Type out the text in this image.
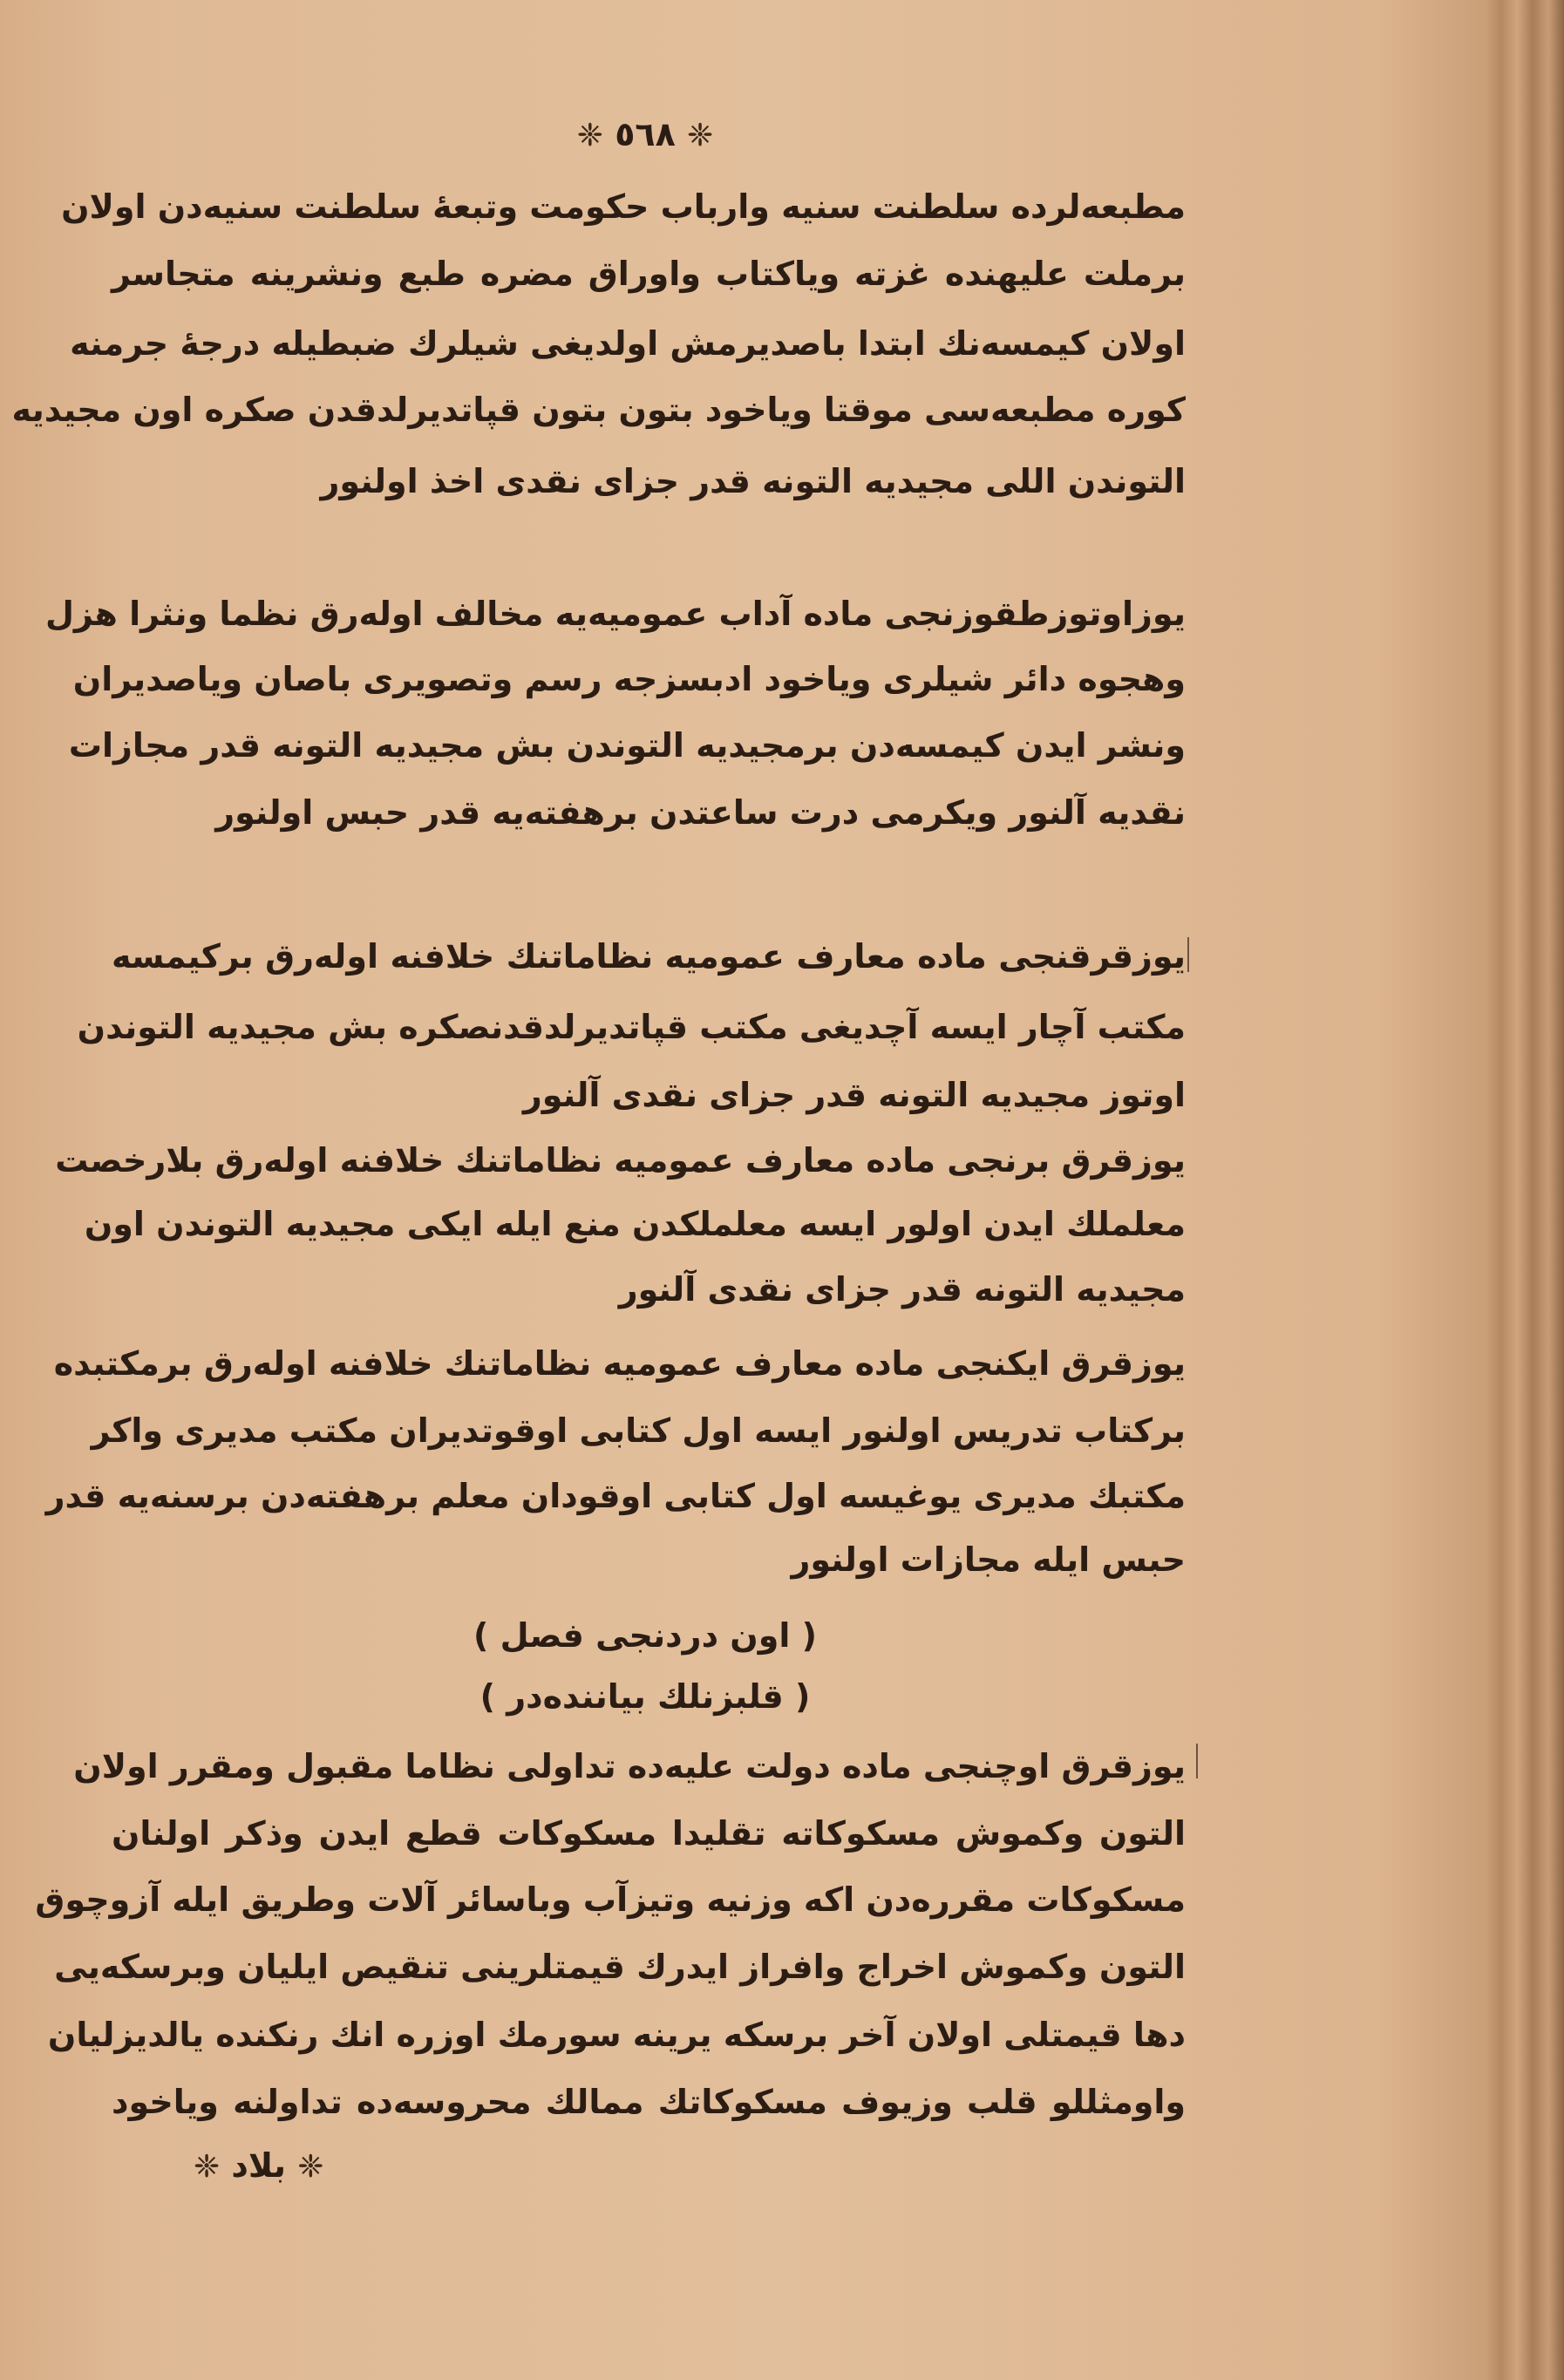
❈ ٥٦٨ ❈
مطبعه‌لرده سلطنت سنیه وارباب حکومت وتبعهٔ سلطنت سنیه‌دن اولان
برملت علیهنده غزته ویاکتاب واوراق مضره طبع ونشرینه متجاسر
اولان کیمسه‌نك ابتدا باصدیرمش اولدیغی شیلرك ضبطیله درجهٔ جرمنه
کوره مطبعه‌سی موقتا ویاخود بتون بتون قپاتدیرلدقدن صکره اون مجیدیه
التوندن اللی مجیدیه التونه قدر جزای نقدی اخذ اولنور
یوزاوتوزطقوزنجی ماده آداب عمومیه‌یه مخالف اوله‌رق نظما ونثرا هزل
وهجوه دائر شیلری ویاخود ادبسزجه رسم وتصویری باصان ویاصدیران
ونشر ایدن کیمسه‌دن برمجیدیه التوندن بش مجیدیه التونه قدر مجازات
نقدیه آلنور ویکرمی درت ساعتدن برهفته‌یه قدر حبس اولنور
یوزقرقنجی ماده معارف عمومیه نظاماتنك خلافنه اوله‌رق برکیمسه
مکتب آچار ایسه آچدیغی مکتب قپاتدیرلدقدنصکره بش مجیدیه التوندن
اوتوز مجیدیه التونه قدر جزای نقدی آلنور
یوزقرق برنجی ماده معارف عمومیه نظاماتنك خلافنه اوله‌رق بلارخصت
معلملك ایدن اولور ایسه معلملکدن منع ایله ایکی مجیدیه التوندن اون
مجیدیه التونه قدر جزای نقدی آلنور
یوزقرق ایکنجی ماده معارف عمومیه نظاماتنك خلافنه اوله‌رق برمکتبده
برکتاب تدریس اولنور ایسه اول کتابی اوقوتدیران مکتب مدیری واکر
مکتبك مدیری یوغیسه اول کتابی اوقودان معلم برهفته‌دن برسنه‌یه قدر
حبس ایله مجازات اولنور
( اون دردنجی فصل )
( قلبزنلك بیاننده‌در )
یوزقرق اوچنجی ماده دولت علیه‌ده تداولی نظاما مقبول ومقرر اولان
التون وکموش مسکوکاته تقلیدا مسکوکات قطع ایدن وذکر اولنان
مسکوکات مقرره‌دن اکه وزنیه وتیزآب وباسائر آلات وطریق ایله آزوچوق
التون وکموش اخراج وافراز ایدرك قیمتلرینی تنقیص ایلیان وبرسکه‌یی
دها قیمتلی اولان آخر برسکه یرینه سورمك اوزره انك رنکنده یالدیزلیان
واومثللو قلب وزیوف مسکوکاتك ممالك محروسه‌ده تداولنه ویاخود
❈ بلاد ❈
